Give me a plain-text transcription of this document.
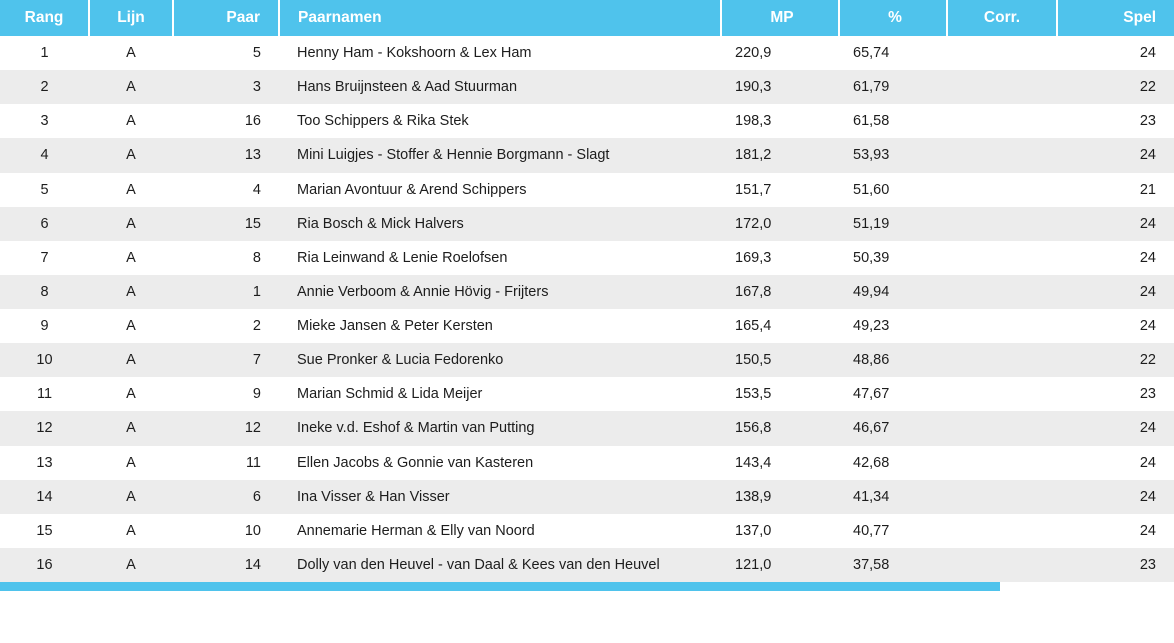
Rang	Lijn	Paar	Paarnamen	MP	%	Corr.	Spel
1	A	5	Henny Ham - Kokshoorn & Lex Ham	220,9	65,74		24
2	A	3	Hans Bruijnsteen & Aad Stuurman	190,3	61,79		22
3	A	16	Too Schippers & Rika Stek	198,3	61,58		23
4	A	13	Mini Luigjes - Stoffer & Hennie Borgmann - Slagt	181,2	53,93		24
5	A	4	Marian Avontuur & Arend Schippers	151,7	51,60		21
6	A	15	Ria Bosch & Mick Halvers	172,0	51,19		24
7	A	8	Ria Leinwand & Lenie Roelofsen	169,3	50,39		24
8	A	1	Annie Verboom & Annie Hövig - Frijters	167,8	49,94		24
9	A	2	Mieke Jansen & Peter Kersten	165,4	49,23		24
10	A	7	Sue Pronker & Lucia Fedorenko	150,5	48,86		22
11	A	9	Marian Schmid & Lida Meijer	153,5	47,67		23
12	A	12	Ineke v.d. Eshof & Martin van Putting	156,8	46,67		24
13	A	11	Ellen Jacobs & Gonnie van Kasteren	143,4	42,68		24
14	A	6	Ina Visser & Han Visser	138,9	41,34		24
15	A	10	Annemarie Herman & Elly van Noord	137,0	40,77		24
16	A	14	Dolly van den Heuvel - van Daal & Kees van den Heuvel	121,0	37,58		23
